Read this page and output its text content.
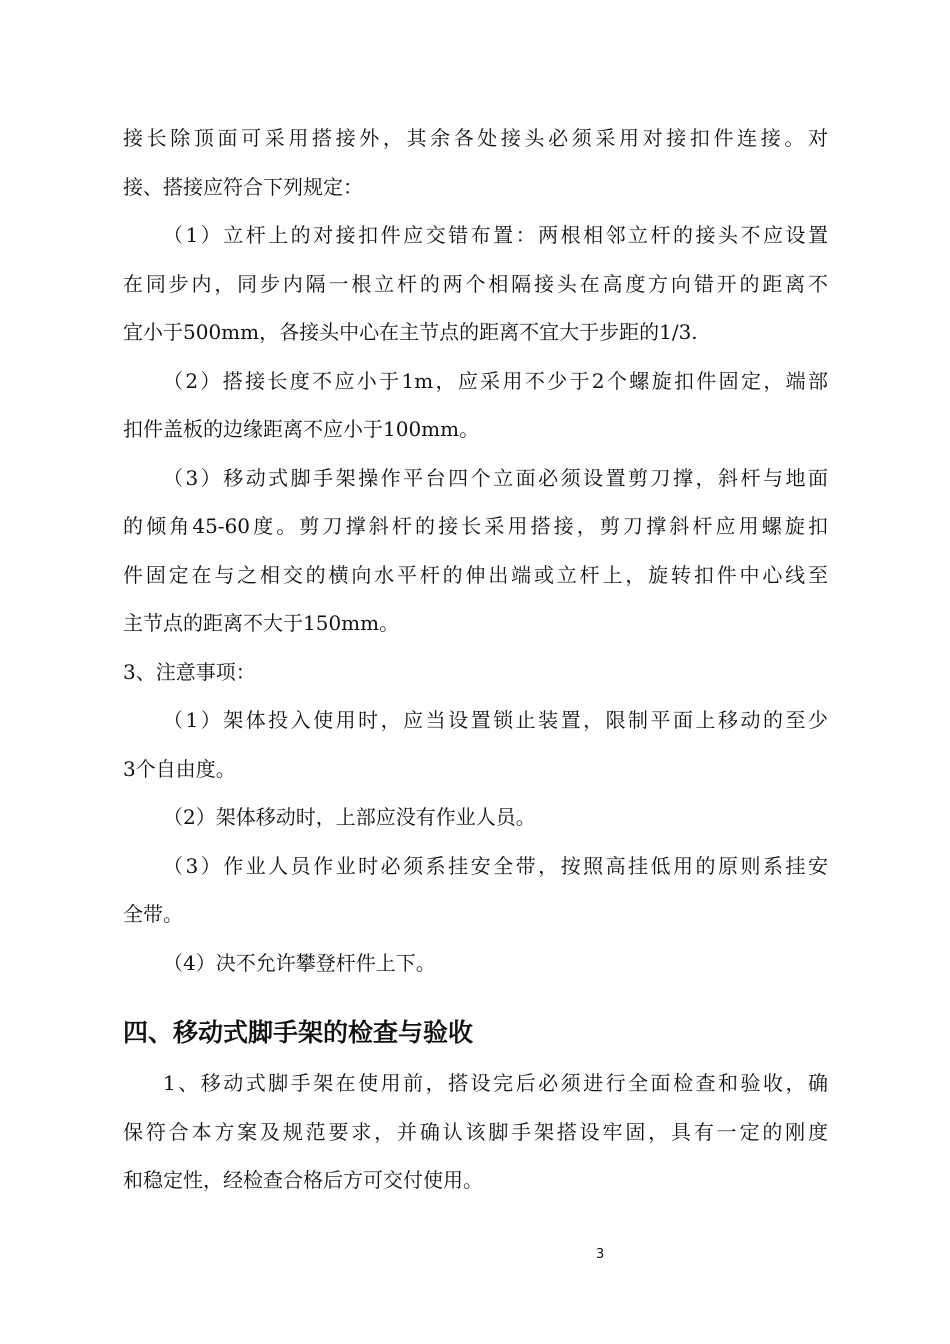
接长除顶面可采用搭接外，其余各处接头必须采用对接扣件连接。对
接、搭接应符合下列规定：
（1）立杆上的对接扣件应交错布置：两根相邻立杆的接头不应设置
在同步内，同步内隔一根立杆的两个相隔接头在高度方向错开的距离不
宜小于500mm，各接头中心在主节点的距离不宜大于步距的1/3.
（2）搭接长度不应小于1m，应采用不少于2个螺旋扣件固定，端部
扣件盖板的边缘距离不应小于100mm。
（3）移动式脚手架操作平台四个立面必须设置剪刀撑，斜杆与地面
的倾角45-60度。剪刀撑斜杆的接长采用搭接，剪刀撑斜杆应用螺旋扣
件固定在与之相交的横向水平杆的伸出端或立杆上，旋转扣件中心线至
主节点的距离不大于150mm。
3、注意事项：
（1）架体投入使用时，应当设置锁止装置，限制平面上移动的至少
3个自由度。
（2）架体移动时，上部应没有作业人员。
（3）作业人员作业时必须系挂安全带，按照高挂低用的原则系挂安
全带。
（4）决不允许攀登杆件上下。
四、移动式脚手架的检查与验收
1、移动式脚手架在使用前，搭设完后必须进行全面检查和验收，确
保符合本方案及规范要求，并确认该脚手架搭设牢固，具有一定的刚度
和稳定性，经检查合格后方可交付使用。
3
